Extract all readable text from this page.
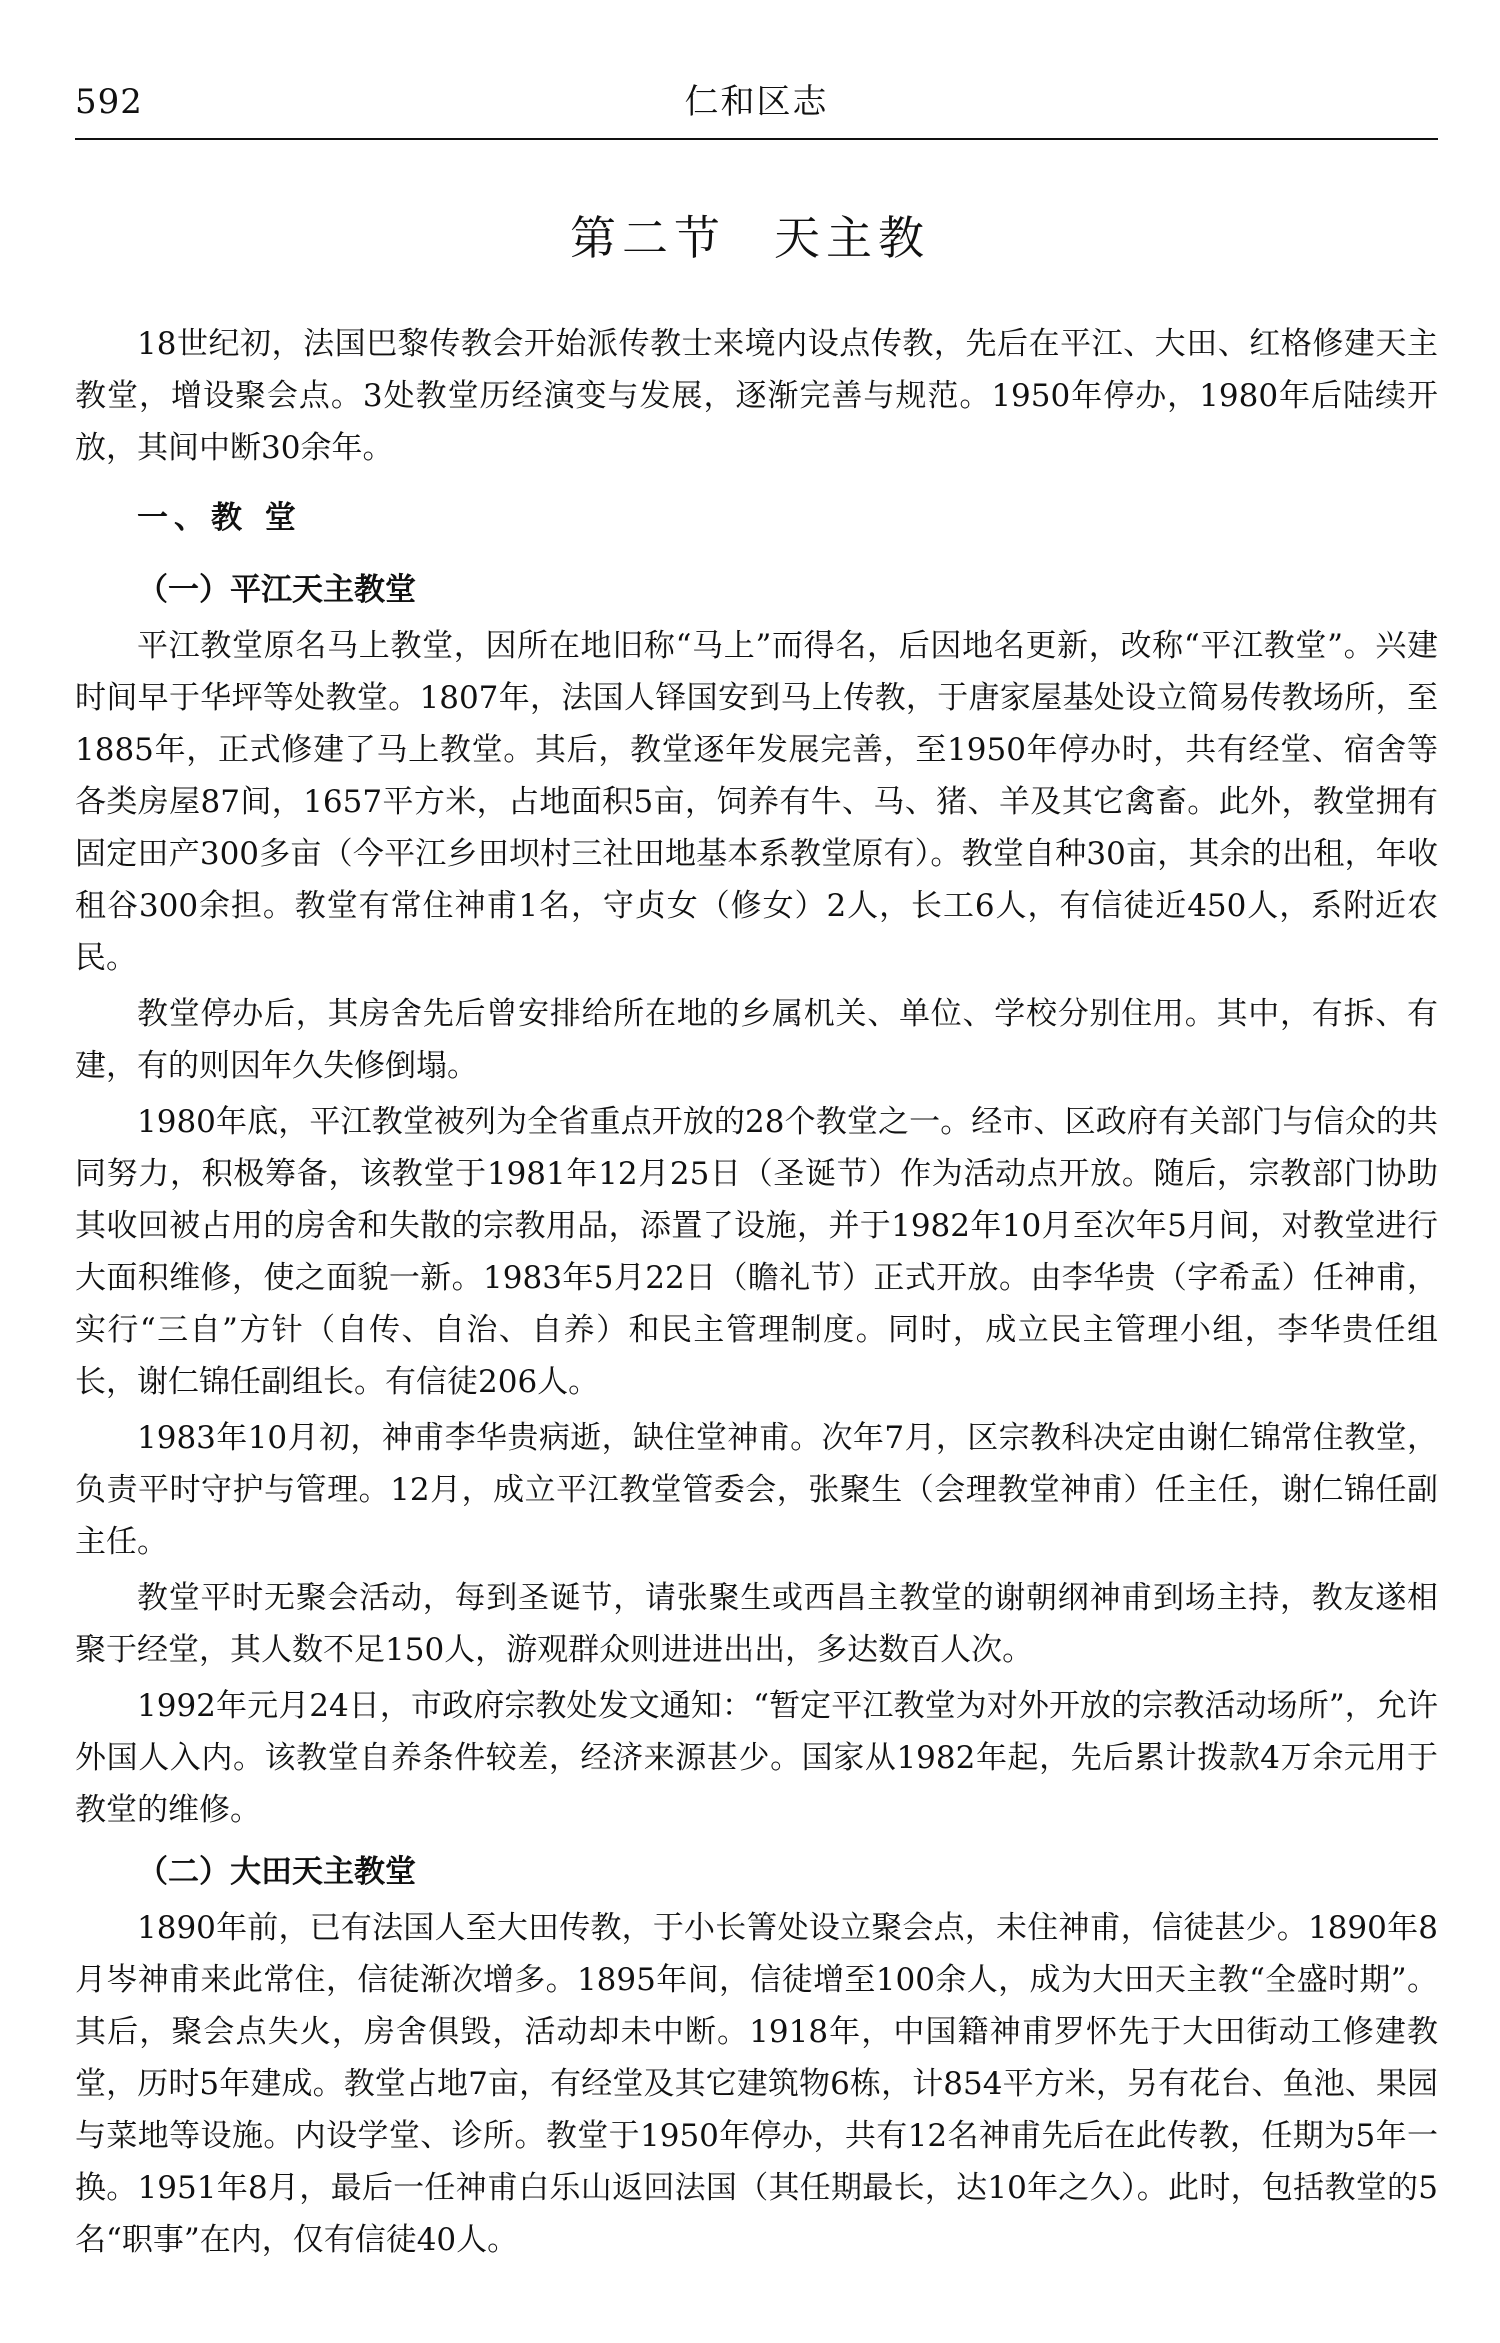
592	仁和区志
第二节 天主教

18世纪初，法国巴黎传教会开始派传教士来境内设点传教，先后在平江、大田、红格修建天主教堂，增设聚会点。3处教堂历经演变与发展，逐渐完善与规范。1950年停办，1980年后陆续开放，其间中断30余年。

一、教 堂
（一）平江天主教堂

平江教堂原名马上教堂，因所在地旧称“马上”而得名，后因地名更新，改称“平江教堂”。兴建时间早于华坪等处教堂。1807年，法国人铎国安到马上传教，于唐家屋基处设立简易传教场所，至1885年，正式修建了马上教堂。其后，教堂逐年发展完善，至1950年停办时，共有经堂、宿舍等各类房屋87间，1657平方米，占地面积5亩，饲养有牛、马、猪、羊及其它禽畜。此外，教堂拥有固定田产300多亩（今平江乡田坝村三社田地基本系教堂原有）。教堂自种30亩，其余的出租，年收租谷300余担。教堂有常住神甫1名，守贞女（修女）2人，长工6人，有信徒近450人，系附近农民。

教堂停办后，其房舍先后曾安排给所在地的乡属机关、单位、学校分别住用。其中，有拆、有建，有的则因年久失修倒塌。

1980年底，平江教堂被列为全省重点开放的28个教堂之一。经市、区政府有关部门与信众的共同努力，积极筹备，该教堂于1981年12月25日（圣诞节）作为活动点开放。随后，宗教部门协助其收回被占用的房舍和失散的宗教用品，添置了设施，并于1982年10月至次年5月间，对教堂进行大面积维修，使之面貌一新。1983年5月22日（瞻礼节）正式开放。由李华贵（字希孟）任神甫，实行“三自”方针（自传、自治、自养）和民主管理制度。同时，成立民主管理小组，李华贵任组长，谢仁锦任副组长。有信徒206人。

1983年10月初，神甫李华贵病逝，缺住堂神甫。次年7月，区宗教科决定由谢仁锦常住教堂，负责平时守护与管理。12月，成立平江教堂管委会，张聚生（会理教堂神甫）任主任，谢仁锦任副主任。

教堂平时无聚会活动，每到圣诞节，请张聚生或西昌主教堂的谢朝纲神甫到场主持，教友遂相聚于经堂，其人数不足150人，游观群众则进进出出，多达数百人次。

1992年元月24日，市政府宗教处发文通知：“暂定平江教堂为对外开放的宗教活动场所”，允许外国人入内。该教堂自养条件较差，经济来源甚少。国家从1982年起，先后累计拨款4万余元用于教堂的维修。

（二）大田天主教堂

1890年前，已有法国人至大田传教，于小长箐处设立聚会点，未住神甫，信徒甚少。1890年8月岑神甫来此常住，信徒渐次增多。1895年间，信徒增至100余人，成为大田天主教“全盛时期”。其后，聚会点失火，房舍俱毁，活动却未中断。1918年，中国籍神甫罗怀先于大田街动工修建教堂，历时5年建成。教堂占地7亩，有经堂及其它建筑物6栋，计854平方米，另有花台、鱼池、果园与菜地等设施。内设学堂、诊所。教堂于1950年停办，共有12名神甫先后在此传教，任期为5年一换。1951年8月，最后一任神甫白乐山返回法国（其任期最长，达10年之久）。此时，包括教堂的5名“职事”在内，仅有信徒40人。
